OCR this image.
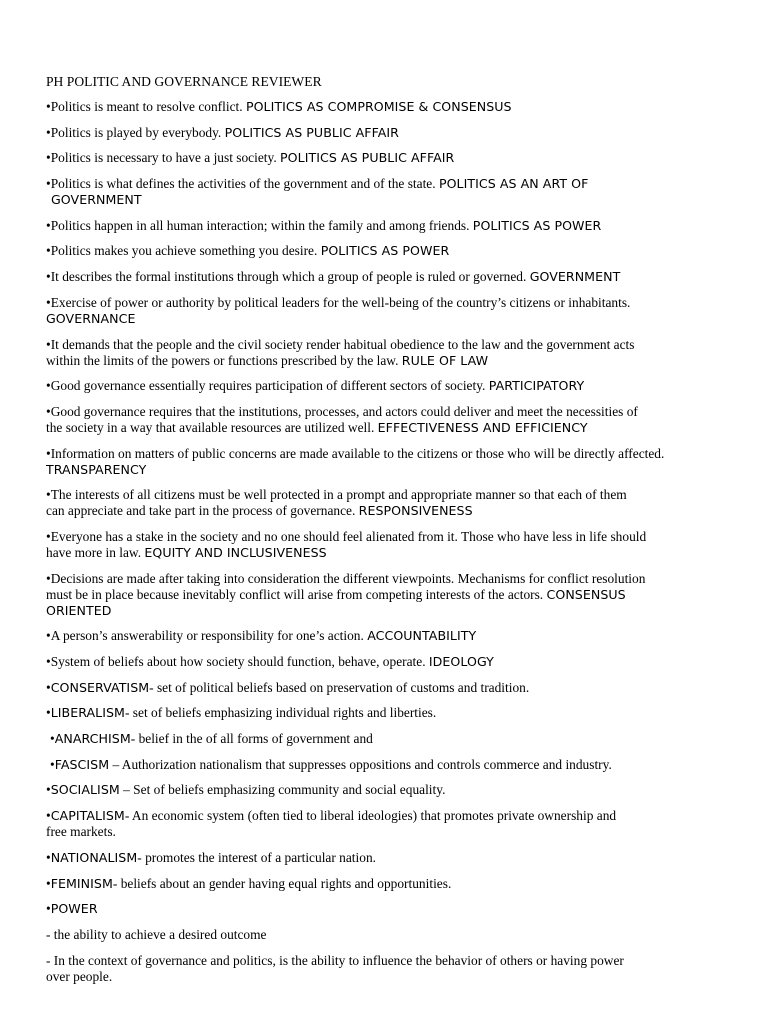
PH POLITIC AND GOVERNANCE REVIEWER
•Politics is meant to resolve conflict. POLITICS AS COMPROMISE & CONSENSUS
•Politics is played by everybody. POLITICS AS PUBLIC AFFAIR
•Politics is necessary to have a just society. POLITICS AS PUBLIC AFFAIR
•Politics is what defines the activities of the government and of the state. POLITICS AS AN ART OF
GOVERNMENT
•Politics happen in all human interaction; within the family and among friends. POLITICS AS POWER
•Politics makes you achieve something you desire. POLITICS AS POWER
•It describes the formal institutions through which a group of people is ruled or governed. GOVERNMENT
•Exercise of power or authority by political leaders for the well-being of the country’s citizens or inhabitants.
GOVERNANCE
•It demands that the people and the civil society render habitual obedience to the law and the government acts
within the limits of the powers or functions prescribed by the law. RULE OF LAW
•Good governance essentially requires participation of different sectors of society. PARTICIPATORY
•Good governance requires that the institutions, processes, and actors could deliver and meet the necessities of
the society in a way that available resources are utilized well. EFFECTIVENESS AND EFFICIENCY
•Information on matters of public concerns are made available to the citizens or those who will be directly affected.
TRANSPARENCY
•The interests of all citizens must be well protected in a prompt and appropriate manner so that each of them
can appreciate and take part in the process of governance. RESPONSIVENESS
•Everyone has a stake in the society and no one should feel alienated from it. Those who have less in life should
have more in law. EQUITY AND INCLUSIVENESS
•Decisions are made after taking into consideration the different viewpoints. Mechanisms for conflict resolution
must be in place because inevitably conflict will arise from competing interests of the actors. CONSENSUS
ORIENTED
•A person’s answerability or responsibility for one’s action. ACCOUNTABILITY
•System of beliefs about how society should function, behave, operate. IDEOLOGY
•CONSERVATISM- set of political beliefs based on preservation of customs and tradition.
•LIBERALISM- set of beliefs emphasizing individual rights and liberties.
•ANARCHISM- belief in the of all forms of government and
•FASCISM – Authorization nationalism that suppresses oppositions and controls commerce and industry.
•SOCIALISM – Set of beliefs emphasizing community and social equality.
•CAPITALISM- An economic system (often tied to liberal ideologies) that promotes private ownership and
free markets.
•NATIONALISM- promotes the interest of a particular nation.
•FEMINISM- beliefs about an gender having equal rights and opportunities.
•POWER
- the ability to achieve a desired outcome
- In the context of governance and politics, is the ability to influence the behavior of others or having power
over people.
